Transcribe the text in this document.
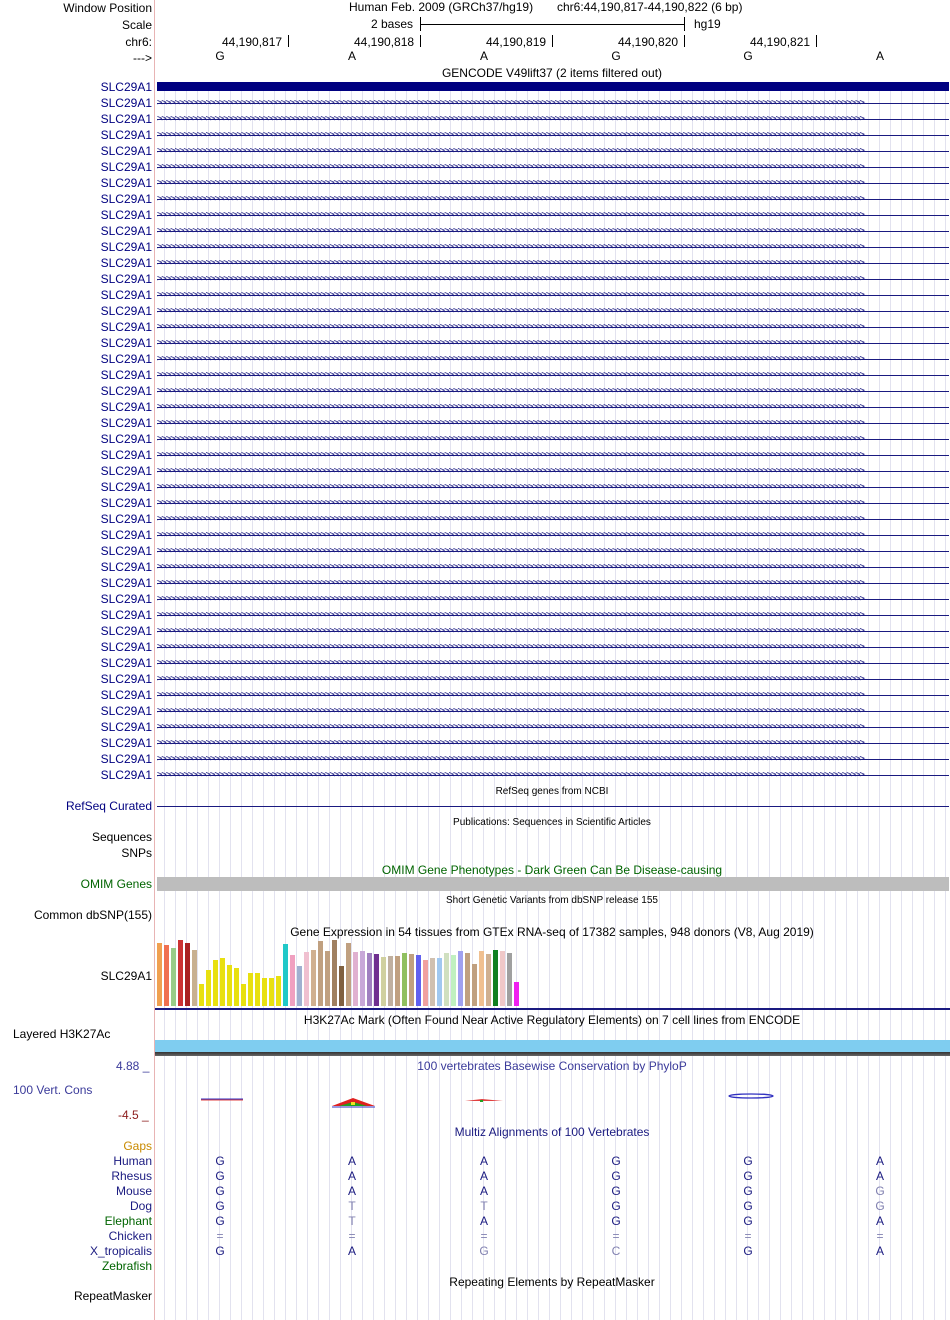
Window Position
Scale
chr6:
--->
Human Feb. 2009 (GRCh37/hg19) chr6:44,190,817-44,190,822 (6 bp)
2 bases	hg19
44,190,817	44,190,818	44,190,819	44,190,820	44,190,821
G	A	A	G	G	A
GENCODE V49lift37 (2 items filtered out)
SLC29A1
SLC29A1 >>>>>>>>>>>>>>>>>>>>>>>>>>>>>>>>>>>>>>>>>>>>>>>>>>>>>>>>>>>>>>>>>>>>>>>>>>>>>>>>>>>>>>>>>>>>>>>>>>>>>>>>>>>>>>>>>>>>>>>>>>>>>>>>>>>>>>>>>>>>>>>>>>>>>>>>>>>>>>>>
SLC29A1 >>>>>>>>>>>>>>>>>>>>>>>>>>>>>>>>>>>>>>>>>>>>>>>>>>>>>>>>>>>>>>>>>>>>>>>>>>>>>>>>>>>>>>>>>>>>>>>>>>>>>>>>>>>>>>>>>>>>>>>>>>>>>>>>>>>>>>>>>>>>>>>>>>>>>>>>>>>>>>>>
SLC29A1 >>>>>>>>>>>>>>>>>>>>>>>>>>>>>>>>>>>>>>>>>>>>>>>>>>>>>>>>>>>>>>>>>>>>>>>>>>>>>>>>>>>>>>>>>>>>>>>>>>>>>>>>>>>>>>>>>>>>>>>>>>>>>>>>>>>>>>>>>>>>>>>>>>>>>>>>>>>>>>>>
SLC29A1 >>>>>>>>>>>>>>>>>>>>>>>>>>>>>>>>>>>>>>>>>>>>>>>>>>>>>>>>>>>>>>>>>>>>>>>>>>>>>>>>>>>>>>>>>>>>>>>>>>>>>>>>>>>>>>>>>>>>>>>>>>>>>>>>>>>>>>>>>>>>>>>>>>>>>>>>>>>>>>>>
SLC29A1 >>>>>>>>>>>>>>>>>>>>>>>>>>>>>>>>>>>>>>>>>>>>>>>>>>>>>>>>>>>>>>>>>>>>>>>>>>>>>>>>>>>>>>>>>>>>>>>>>>>>>>>>>>>>>>>>>>>>>>>>>>>>>>>>>>>>>>>>>>>>>>>>>>>>>>>>>>>>>>>>
SLC29A1 >>>>>>>>>>>>>>>>>>>>>>>>>>>>>>>>>>>>>>>>>>>>>>>>>>>>>>>>>>>>>>>>>>>>>>>>>>>>>>>>>>>>>>>>>>>>>>>>>>>>>>>>>>>>>>>>>>>>>>>>>>>>>>>>>>>>>>>>>>>>>>>>>>>>>>>>>>>>>>>>
SLC29A1 >>>>>>>>>>>>>>>>>>>>>>>>>>>>>>>>>>>>>>>>>>>>>>>>>>>>>>>>>>>>>>>>>>>>>>>>>>>>>>>>>>>>>>>>>>>>>>>>>>>>>>>>>>>>>>>>>>>>>>>>>>>>>>>>>>>>>>>>>>>>>>>>>>>>>>>>>>>>>>>>
SLC29A1 >>>>>>>>>>>>>>>>>>>>>>>>>>>>>>>>>>>>>>>>>>>>>>>>>>>>>>>>>>>>>>>>>>>>>>>>>>>>>>>>>>>>>>>>>>>>>>>>>>>>>>>>>>>>>>>>>>>>>>>>>>>>>>>>>>>>>>>>>>>>>>>>>>>>>>>>>>>>>>>>
SLC29A1 >>>>>>>>>>>>>>>>>>>>>>>>>>>>>>>>>>>>>>>>>>>>>>>>>>>>>>>>>>>>>>>>>>>>>>>>>>>>>>>>>>>>>>>>>>>>>>>>>>>>>>>>>>>>>>>>>>>>>>>>>>>>>>>>>>>>>>>>>>>>>>>>>>>>>>>>>>>>>>>>
SLC29A1 >>>>>>>>>>>>>>>>>>>>>>>>>>>>>>>>>>>>>>>>>>>>>>>>>>>>>>>>>>>>>>>>>>>>>>>>>>>>>>>>>>>>>>>>>>>>>>>>>>>>>>>>>>>>>>>>>>>>>>>>>>>>>>>>>>>>>>>>>>>>>>>>>>>>>>>>>>>>>>>>
SLC29A1 >>>>>>>>>>>>>>>>>>>>>>>>>>>>>>>>>>>>>>>>>>>>>>>>>>>>>>>>>>>>>>>>>>>>>>>>>>>>>>>>>>>>>>>>>>>>>>>>>>>>>>>>>>>>>>>>>>>>>>>>>>>>>>>>>>>>>>>>>>>>>>>>>>>>>>>>>>>>>>>>
SLC29A1 >>>>>>>>>>>>>>>>>>>>>>>>>>>>>>>>>>>>>>>>>>>>>>>>>>>>>>>>>>>>>>>>>>>>>>>>>>>>>>>>>>>>>>>>>>>>>>>>>>>>>>>>>>>>>>>>>>>>>>>>>>>>>>>>>>>>>>>>>>>>>>>>>>>>>>>>>>>>>>>>
SLC29A1 >>>>>>>>>>>>>>>>>>>>>>>>>>>>>>>>>>>>>>>>>>>>>>>>>>>>>>>>>>>>>>>>>>>>>>>>>>>>>>>>>>>>>>>>>>>>>>>>>>>>>>>>>>>>>>>>>>>>>>>>>>>>>>>>>>>>>>>>>>>>>>>>>>>>>>>>>>>>>>>>
SLC29A1 >>>>>>>>>>>>>>>>>>>>>>>>>>>>>>>>>>>>>>>>>>>>>>>>>>>>>>>>>>>>>>>>>>>>>>>>>>>>>>>>>>>>>>>>>>>>>>>>>>>>>>>>>>>>>>>>>>>>>>>>>>>>>>>>>>>>>>>>>>>>>>>>>>>>>>>>>>>>>>>>
SLC29A1 >>>>>>>>>>>>>>>>>>>>>>>>>>>>>>>>>>>>>>>>>>>>>>>>>>>>>>>>>>>>>>>>>>>>>>>>>>>>>>>>>>>>>>>>>>>>>>>>>>>>>>>>>>>>>>>>>>>>>>>>>>>>>>>>>>>>>>>>>>>>>>>>>>>>>>>>>>>>>>>>
SLC29A1 >>>>>>>>>>>>>>>>>>>>>>>>>>>>>>>>>>>>>>>>>>>>>>>>>>>>>>>>>>>>>>>>>>>>>>>>>>>>>>>>>>>>>>>>>>>>>>>>>>>>>>>>>>>>>>>>>>>>>>>>>>>>>>>>>>>>>>>>>>>>>>>>>>>>>>>>>>>>>>>>
SLC29A1 >>>>>>>>>>>>>>>>>>>>>>>>>>>>>>>>>>>>>>>>>>>>>>>>>>>>>>>>>>>>>>>>>>>>>>>>>>>>>>>>>>>>>>>>>>>>>>>>>>>>>>>>>>>>>>>>>>>>>>>>>>>>>>>>>>>>>>>>>>>>>>>>>>>>>>>>>>>>>>>>
SLC29A1 >>>>>>>>>>>>>>>>>>>>>>>>>>>>>>>>>>>>>>>>>>>>>>>>>>>>>>>>>>>>>>>>>>>>>>>>>>>>>>>>>>>>>>>>>>>>>>>>>>>>>>>>>>>>>>>>>>>>>>>>>>>>>>>>>>>>>>>>>>>>>>>>>>>>>>>>>>>>>>>>
SLC29A1 >>>>>>>>>>>>>>>>>>>>>>>>>>>>>>>>>>>>>>>>>>>>>>>>>>>>>>>>>>>>>>>>>>>>>>>>>>>>>>>>>>>>>>>>>>>>>>>>>>>>>>>>>>>>>>>>>>>>>>>>>>>>>>>>>>>>>>>>>>>>>>>>>>>>>>>>>>>>>>>>
SLC29A1 >>>>>>>>>>>>>>>>>>>>>>>>>>>>>>>>>>>>>>>>>>>>>>>>>>>>>>>>>>>>>>>>>>>>>>>>>>>>>>>>>>>>>>>>>>>>>>>>>>>>>>>>>>>>>>>>>>>>>>>>>>>>>>>>>>>>>>>>>>>>>>>>>>>>>>>>>>>>>>>>
SLC29A1 >>>>>>>>>>>>>>>>>>>>>>>>>>>>>>>>>>>>>>>>>>>>>>>>>>>>>>>>>>>>>>>>>>>>>>>>>>>>>>>>>>>>>>>>>>>>>>>>>>>>>>>>>>>>>>>>>>>>>>>>>>>>>>>>>>>>>>>>>>>>>>>>>>>>>>>>>>>>>>>>
SLC29A1 >>>>>>>>>>>>>>>>>>>>>>>>>>>>>>>>>>>>>>>>>>>>>>>>>>>>>>>>>>>>>>>>>>>>>>>>>>>>>>>>>>>>>>>>>>>>>>>>>>>>>>>>>>>>>>>>>>>>>>>>>>>>>>>>>>>>>>>>>>>>>>>>>>>>>>>>>>>>>>>>
SLC29A1 >>>>>>>>>>>>>>>>>>>>>>>>>>>>>>>>>>>>>>>>>>>>>>>>>>>>>>>>>>>>>>>>>>>>>>>>>>>>>>>>>>>>>>>>>>>>>>>>>>>>>>>>>>>>>>>>>>>>>>>>>>>>>>>>>>>>>>>>>>>>>>>>>>>>>>>>>>>>>>>>
SLC29A1 >>>>>>>>>>>>>>>>>>>>>>>>>>>>>>>>>>>>>>>>>>>>>>>>>>>>>>>>>>>>>>>>>>>>>>>>>>>>>>>>>>>>>>>>>>>>>>>>>>>>>>>>>>>>>>>>>>>>>>>>>>>>>>>>>>>>>>>>>>>>>>>>>>>>>>>>>>>>>>>>
SLC29A1 >>>>>>>>>>>>>>>>>>>>>>>>>>>>>>>>>>>>>>>>>>>>>>>>>>>>>>>>>>>>>>>>>>>>>>>>>>>>>>>>>>>>>>>>>>>>>>>>>>>>>>>>>>>>>>>>>>>>>>>>>>>>>>>>>>>>>>>>>>>>>>>>>>>>>>>>>>>>>>>>
SLC29A1 >>>>>>>>>>>>>>>>>>>>>>>>>>>>>>>>>>>>>>>>>>>>>>>>>>>>>>>>>>>>>>>>>>>>>>>>>>>>>>>>>>>>>>>>>>>>>>>>>>>>>>>>>>>>>>>>>>>>>>>>>>>>>>>>>>>>>>>>>>>>>>>>>>>>>>>>>>>>>>>>
SLC29A1 >>>>>>>>>>>>>>>>>>>>>>>>>>>>>>>>>>>>>>>>>>>>>>>>>>>>>>>>>>>>>>>>>>>>>>>>>>>>>>>>>>>>>>>>>>>>>>>>>>>>>>>>>>>>>>>>>>>>>>>>>>>>>>>>>>>>>>>>>>>>>>>>>>>>>>>>>>>>>>>>
SLC29A1 >>>>>>>>>>>>>>>>>>>>>>>>>>>>>>>>>>>>>>>>>>>>>>>>>>>>>>>>>>>>>>>>>>>>>>>>>>>>>>>>>>>>>>>>>>>>>>>>>>>>>>>>>>>>>>>>>>>>>>>>>>>>>>>>>>>>>>>>>>>>>>>>>>>>>>>>>>>>>>>>
SLC29A1 >>>>>>>>>>>>>>>>>>>>>>>>>>>>>>>>>>>>>>>>>>>>>>>>>>>>>>>>>>>>>>>>>>>>>>>>>>>>>>>>>>>>>>>>>>>>>>>>>>>>>>>>>>>>>>>>>>>>>>>>>>>>>>>>>>>>>>>>>>>>>>>>>>>>>>>>>>>>>>>>
SLC29A1 >>>>>>>>>>>>>>>>>>>>>>>>>>>>>>>>>>>>>>>>>>>>>>>>>>>>>>>>>>>>>>>>>>>>>>>>>>>>>>>>>>>>>>>>>>>>>>>>>>>>>>>>>>>>>>>>>>>>>>>>>>>>>>>>>>>>>>>>>>>>>>>>>>>>>>>>>>>>>>>>
SLC29A1 >>>>>>>>>>>>>>>>>>>>>>>>>>>>>>>>>>>>>>>>>>>>>>>>>>>>>>>>>>>>>>>>>>>>>>>>>>>>>>>>>>>>>>>>>>>>>>>>>>>>>>>>>>>>>>>>>>>>>>>>>>>>>>>>>>>>>>>>>>>>>>>>>>>>>>>>>>>>>>>>
SLC29A1 >>>>>>>>>>>>>>>>>>>>>>>>>>>>>>>>>>>>>>>>>>>>>>>>>>>>>>>>>>>>>>>>>>>>>>>>>>>>>>>>>>>>>>>>>>>>>>>>>>>>>>>>>>>>>>>>>>>>>>>>>>>>>>>>>>>>>>>>>>>>>>>>>>>>>>>>>>>>>>>>
SLC29A1 >>>>>>>>>>>>>>>>>>>>>>>>>>>>>>>>>>>>>>>>>>>>>>>>>>>>>>>>>>>>>>>>>>>>>>>>>>>>>>>>>>>>>>>>>>>>>>>>>>>>>>>>>>>>>>>>>>>>>>>>>>>>>>>>>>>>>>>>>>>>>>>>>>>>>>>>>>>>>>>>
SLC29A1 >>>>>>>>>>>>>>>>>>>>>>>>>>>>>>>>>>>>>>>>>>>>>>>>>>>>>>>>>>>>>>>>>>>>>>>>>>>>>>>>>>>>>>>>>>>>>>>>>>>>>>>>>>>>>>>>>>>>>>>>>>>>>>>>>>>>>>>>>>>>>>>>>>>>>>>>>>>>>>>>
SLC29A1 >>>>>>>>>>>>>>>>>>>>>>>>>>>>>>>>>>>>>>>>>>>>>>>>>>>>>>>>>>>>>>>>>>>>>>>>>>>>>>>>>>>>>>>>>>>>>>>>>>>>>>>>>>>>>>>>>>>>>>>>>>>>>>>>>>>>>>>>>>>>>>>>>>>>>>>>>>>>>>>>
SLC29A1 >>>>>>>>>>>>>>>>>>>>>>>>>>>>>>>>>>>>>>>>>>>>>>>>>>>>>>>>>>>>>>>>>>>>>>>>>>>>>>>>>>>>>>>>>>>>>>>>>>>>>>>>>>>>>>>>>>>>>>>>>>>>>>>>>>>>>>>>>>>>>>>>>>>>>>>>>>>>>>>>
SLC29A1 >>>>>>>>>>>>>>>>>>>>>>>>>>>>>>>>>>>>>>>>>>>>>>>>>>>>>>>>>>>>>>>>>>>>>>>>>>>>>>>>>>>>>>>>>>>>>>>>>>>>>>>>>>>>>>>>>>>>>>>>>>>>>>>>>>>>>>>>>>>>>>>>>>>>>>>>>>>>>>>>
SLC29A1 >>>>>>>>>>>>>>>>>>>>>>>>>>>>>>>>>>>>>>>>>>>>>>>>>>>>>>>>>>>>>>>>>>>>>>>>>>>>>>>>>>>>>>>>>>>>>>>>>>>>>>>>>>>>>>>>>>>>>>>>>>>>>>>>>>>>>>>>>>>>>>>>>>>>>>>>>>>>>>>>
SLC29A1 >>>>>>>>>>>>>>>>>>>>>>>>>>>>>>>>>>>>>>>>>>>>>>>>>>>>>>>>>>>>>>>>>>>>>>>>>>>>>>>>>>>>>>>>>>>>>>>>>>>>>>>>>>>>>>>>>>>>>>>>>>>>>>>>>>>>>>>>>>>>>>>>>>>>>>>>>>>>>>>>
SLC29A1 >>>>>>>>>>>>>>>>>>>>>>>>>>>>>>>>>>>>>>>>>>>>>>>>>>>>>>>>>>>>>>>>>>>>>>>>>>>>>>>>>>>>>>>>>>>>>>>>>>>>>>>>>>>>>>>>>>>>>>>>>>>>>>>>>>>>>>>>>>>>>>>>>>>>>>>>>>>>>>>>
SLC29A1 >>>>>>>>>>>>>>>>>>>>>>>>>>>>>>>>>>>>>>>>>>>>>>>>>>>>>>>>>>>>>>>>>>>>>>>>>>>>>>>>>>>>>>>>>>>>>>>>>>>>>>>>>>>>>>>>>>>>>>>>>>>>>>>>>>>>>>>>>>>>>>>>>>>>>>>>>>>>>>>>
SLC29A1 >>>>>>>>>>>>>>>>>>>>>>>>>>>>>>>>>>>>>>>>>>>>>>>>>>>>>>>>>>>>>>>>>>>>>>>>>>>>>>>>>>>>>>>>>>>>>>>>>>>>>>>>>>>>>>>>>>>>>>>>>>>>>>>>>>>>>>>>>>>>>>>>>>>>>>>>>>>>>>>>
SLC29A1 >>>>>>>>>>>>>>>>>>>>>>>>>>>>>>>>>>>>>>>>>>>>>>>>>>>>>>>>>>>>>>>>>>>>>>>>>>>>>>>>>>>>>>>>>>>>>>>>>>>>>>>>>>>>>>>>>>>>>>>>>>>>>>>>>>>>>>>>>>>>>>>>>>>>>>>>>>>>>>>>
RefSeq genes from NCBI
RefSeq Curated
Publications: Sequences in Scientific Articles
Sequences
SNPs
OMIM Gene Phenotypes - Dark Green Can Be Disease-causing
OMIM Genes
Short Genetic Variants from dbSNP release 155
Common dbSNP(155)
Gene Expression in 54 tissues from GTEx RNA-seq of 17382 samples, 948 donors (V8, Aug 2019)
SLC29A1
H3K27Ac Mark (Often Found Near Active Regulatory Elements) on 7 cell lines from ENCODE
Layered H3K27Ac
100 vertebrates Basewise Conservation by PhyloP
4.88 _
100 Vert. Cons
-4.5 _
Multiz Alignments of 100 Vertebrates
Gaps
Human	G	A	A	G	G	A
Rhesus	G	A	A	G	G	A
Mouse	G	A	A	G	G	G
Dog	G	T	T	G	G	G
Elephant	G	T	A	G	G	A
Chicken	=	=	=	=	=	=
X_tropicalis	G	A	G	C	G	A
Zebrafish
Repeating Elements by RepeatMasker
RepeatMasker
